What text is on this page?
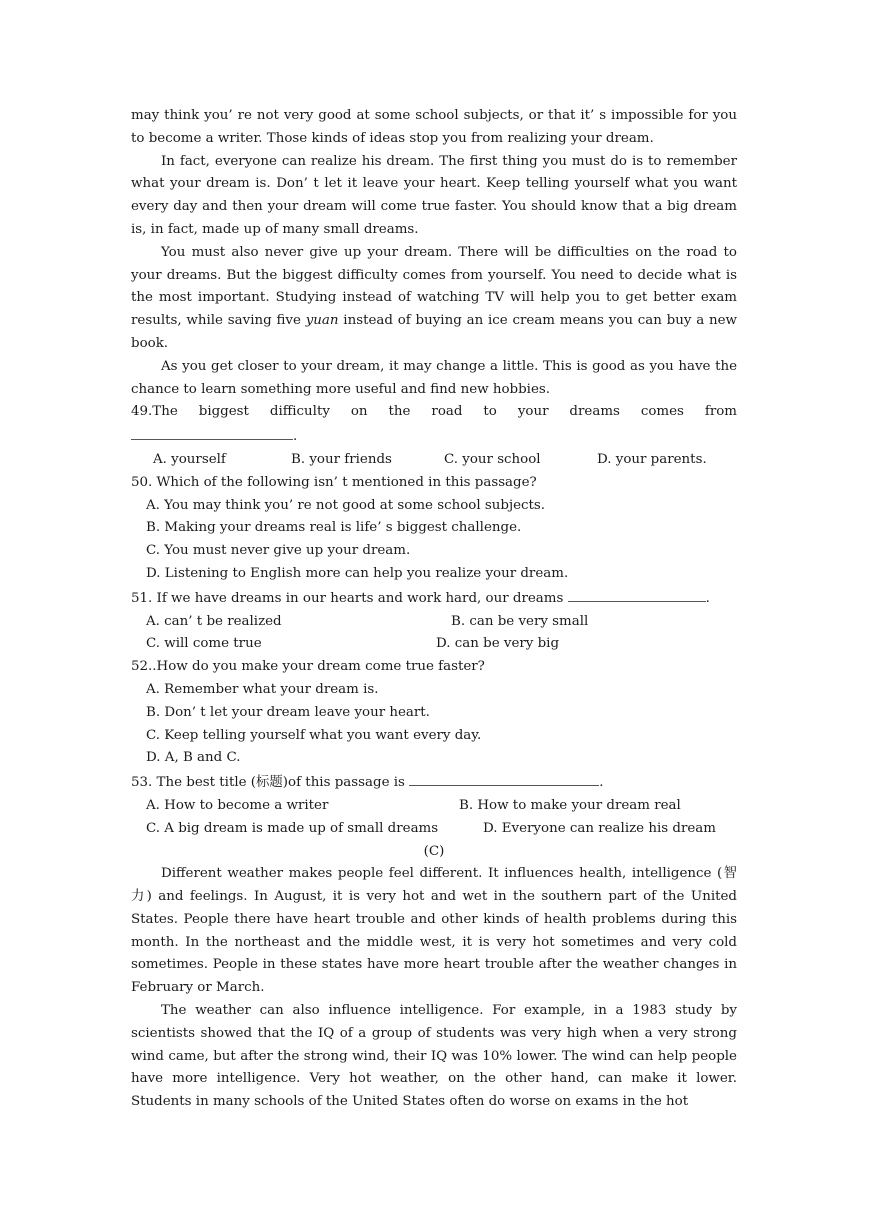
may think you’ re not very good at some school subjects, or that it’ s impossible for you to become a writer. Those kinds of ideas stop you from realizing your dream.

In fact, everyone can realize his dream. The first thing you must do is to remember what your dream is. Don’ t let it leave your heart. Keep telling yourself what you want every day and then your dream will come true faster. You should know that a big dream is, in fact, made up of many small dreams.

You must also never give up your dream. There will be difficulties on the road to your dreams. But the biggest difficulty comes from yourself. You need to decide what is the most important. Studying instead of watching TV will help you to get better exam results, while saving five yuan instead of buying an ice cream means you can buy a new book.

As you get closer to your dream, it may change a little. This is good as you have the chance to learn something more useful and find new hobbies.

49.The biggest difficulty on the road to your dreams comes from

.

A. yourself	B. your friends	C. your school	D. your parents.

50. Which of the following isn’ t mentioned in this passage?

A. You may think you’ re not good at some school subjects.

B. Making your dreams real is life’ s biggest challenge.

C. You must never give up your dream.

D. Listening to English more can help you realize your dream.

51. If we have dreams in our hearts and work hard, our dreams	.

A. can’ t be realized	B. can be very small
C. will come true	D. can be very big

52..How do you make your dream come true faster?

A. Remember what your dream is.

B. Don’ t let your dream leave your heart.

C. Keep telling yourself what you want every day.

D. A, B and C.

53. The best title (标题)of this passage is	.

A. How to become a writer	B. How to make your dream real
C. A big dream is made up of small dreams	D. Everyone can realize his dream

(C)

Different weather makes people feel different. It influences health, intelligence (智力) and feelings. In August, it is very hot and wet in the southern part of the United States. People there have heart trouble and other kinds of health problems during this month. In the northeast and the middle west, it is very hot sometimes and very cold sometimes. People in these states have more heart trouble after the weather changes in February or March.

The weather can also influence intelligence. For example, in a 1983 study by scientists showed that the IQ of a group of students was very high when a very strong wind came, but after the strong wind, their IQ was 10% lower. The wind can help people have more intelligence. Very hot weather, on the other hand, can make it lower. Students in many schools of the United States often do worse on exams in the hot
